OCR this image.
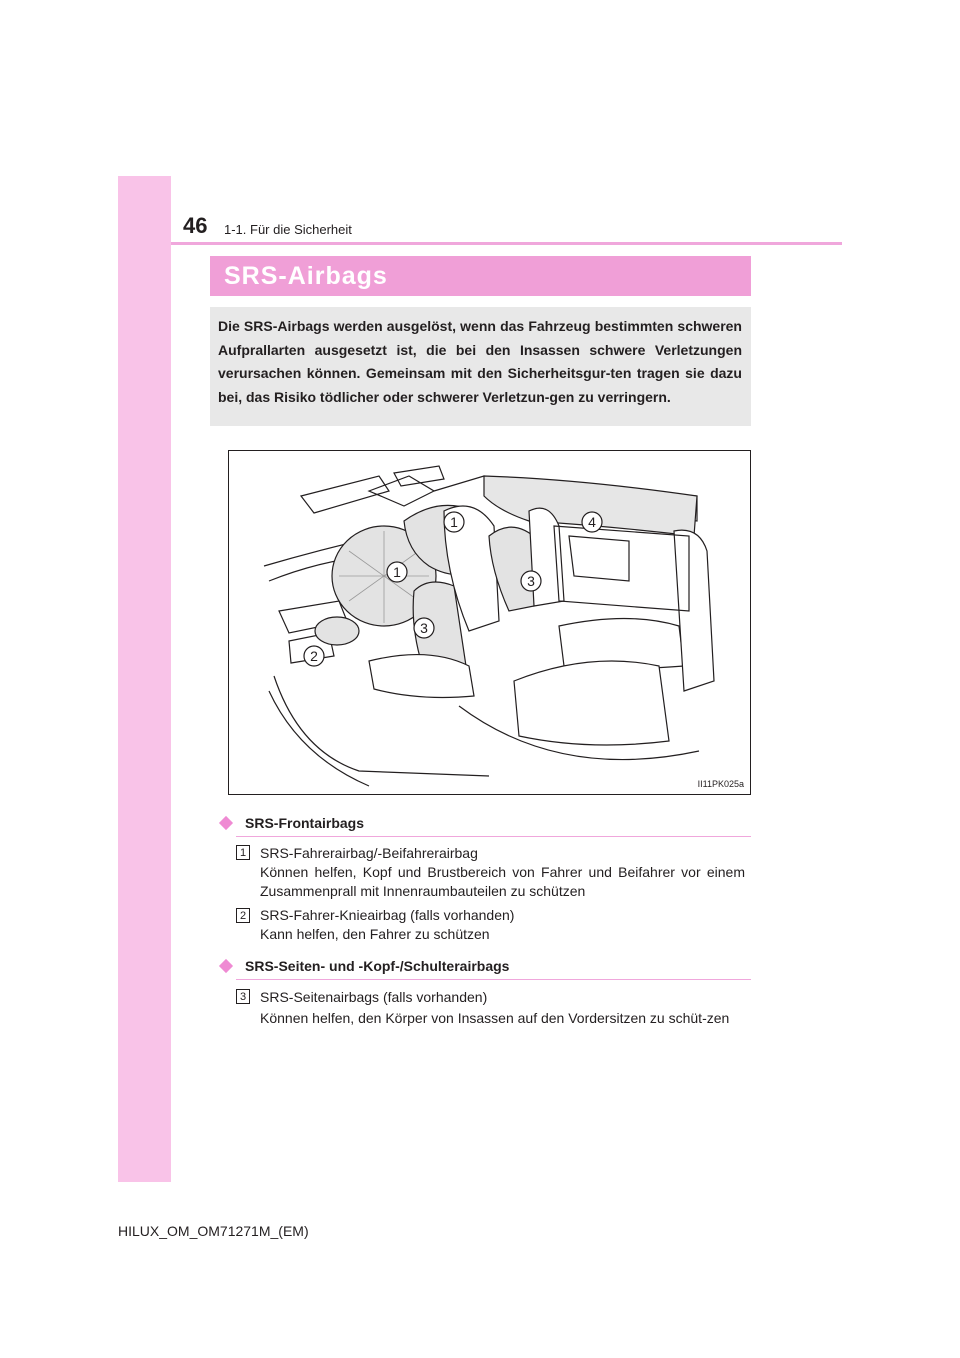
46 1-1. Für die Sicherheit
SRS-Airbags

Die SRS-Airbags werden ausgelöst, wenn das Fahrzeug bestimmten schweren Aufprallarten ausgesetzt ist, die bei den Insassen schwere Verletzungen verursachen können. Gemeinsam mit den Sicherheitsgur-ten tragen sie dazu bei, das Risiko tödlicher oder schwerer Verletzun-gen zu verringern.

1
1
2
3
3
4
II11PK025a
SRS-Frontairbags
1 SRS-Fahrerairbag/-Beifahrerairbag
Können helfen, Kopf und Brustbereich von Fahrer und Beifahrer vor einem Zusammenprall mit Innenraumbauteilen zu schützen
2 SRS-Fahrer-Knieairbag (falls vorhanden)
Kann helfen, den Fahrer zu schützen
SRS-Seiten- und -Kopf-/Schulterairbags
3 SRS-Seitenairbags (falls vorhanden)
Können helfen, den Körper von Insassen auf den Vordersitzen zu schüt-zen
HILUX_OM_OM71271M_(EM)
